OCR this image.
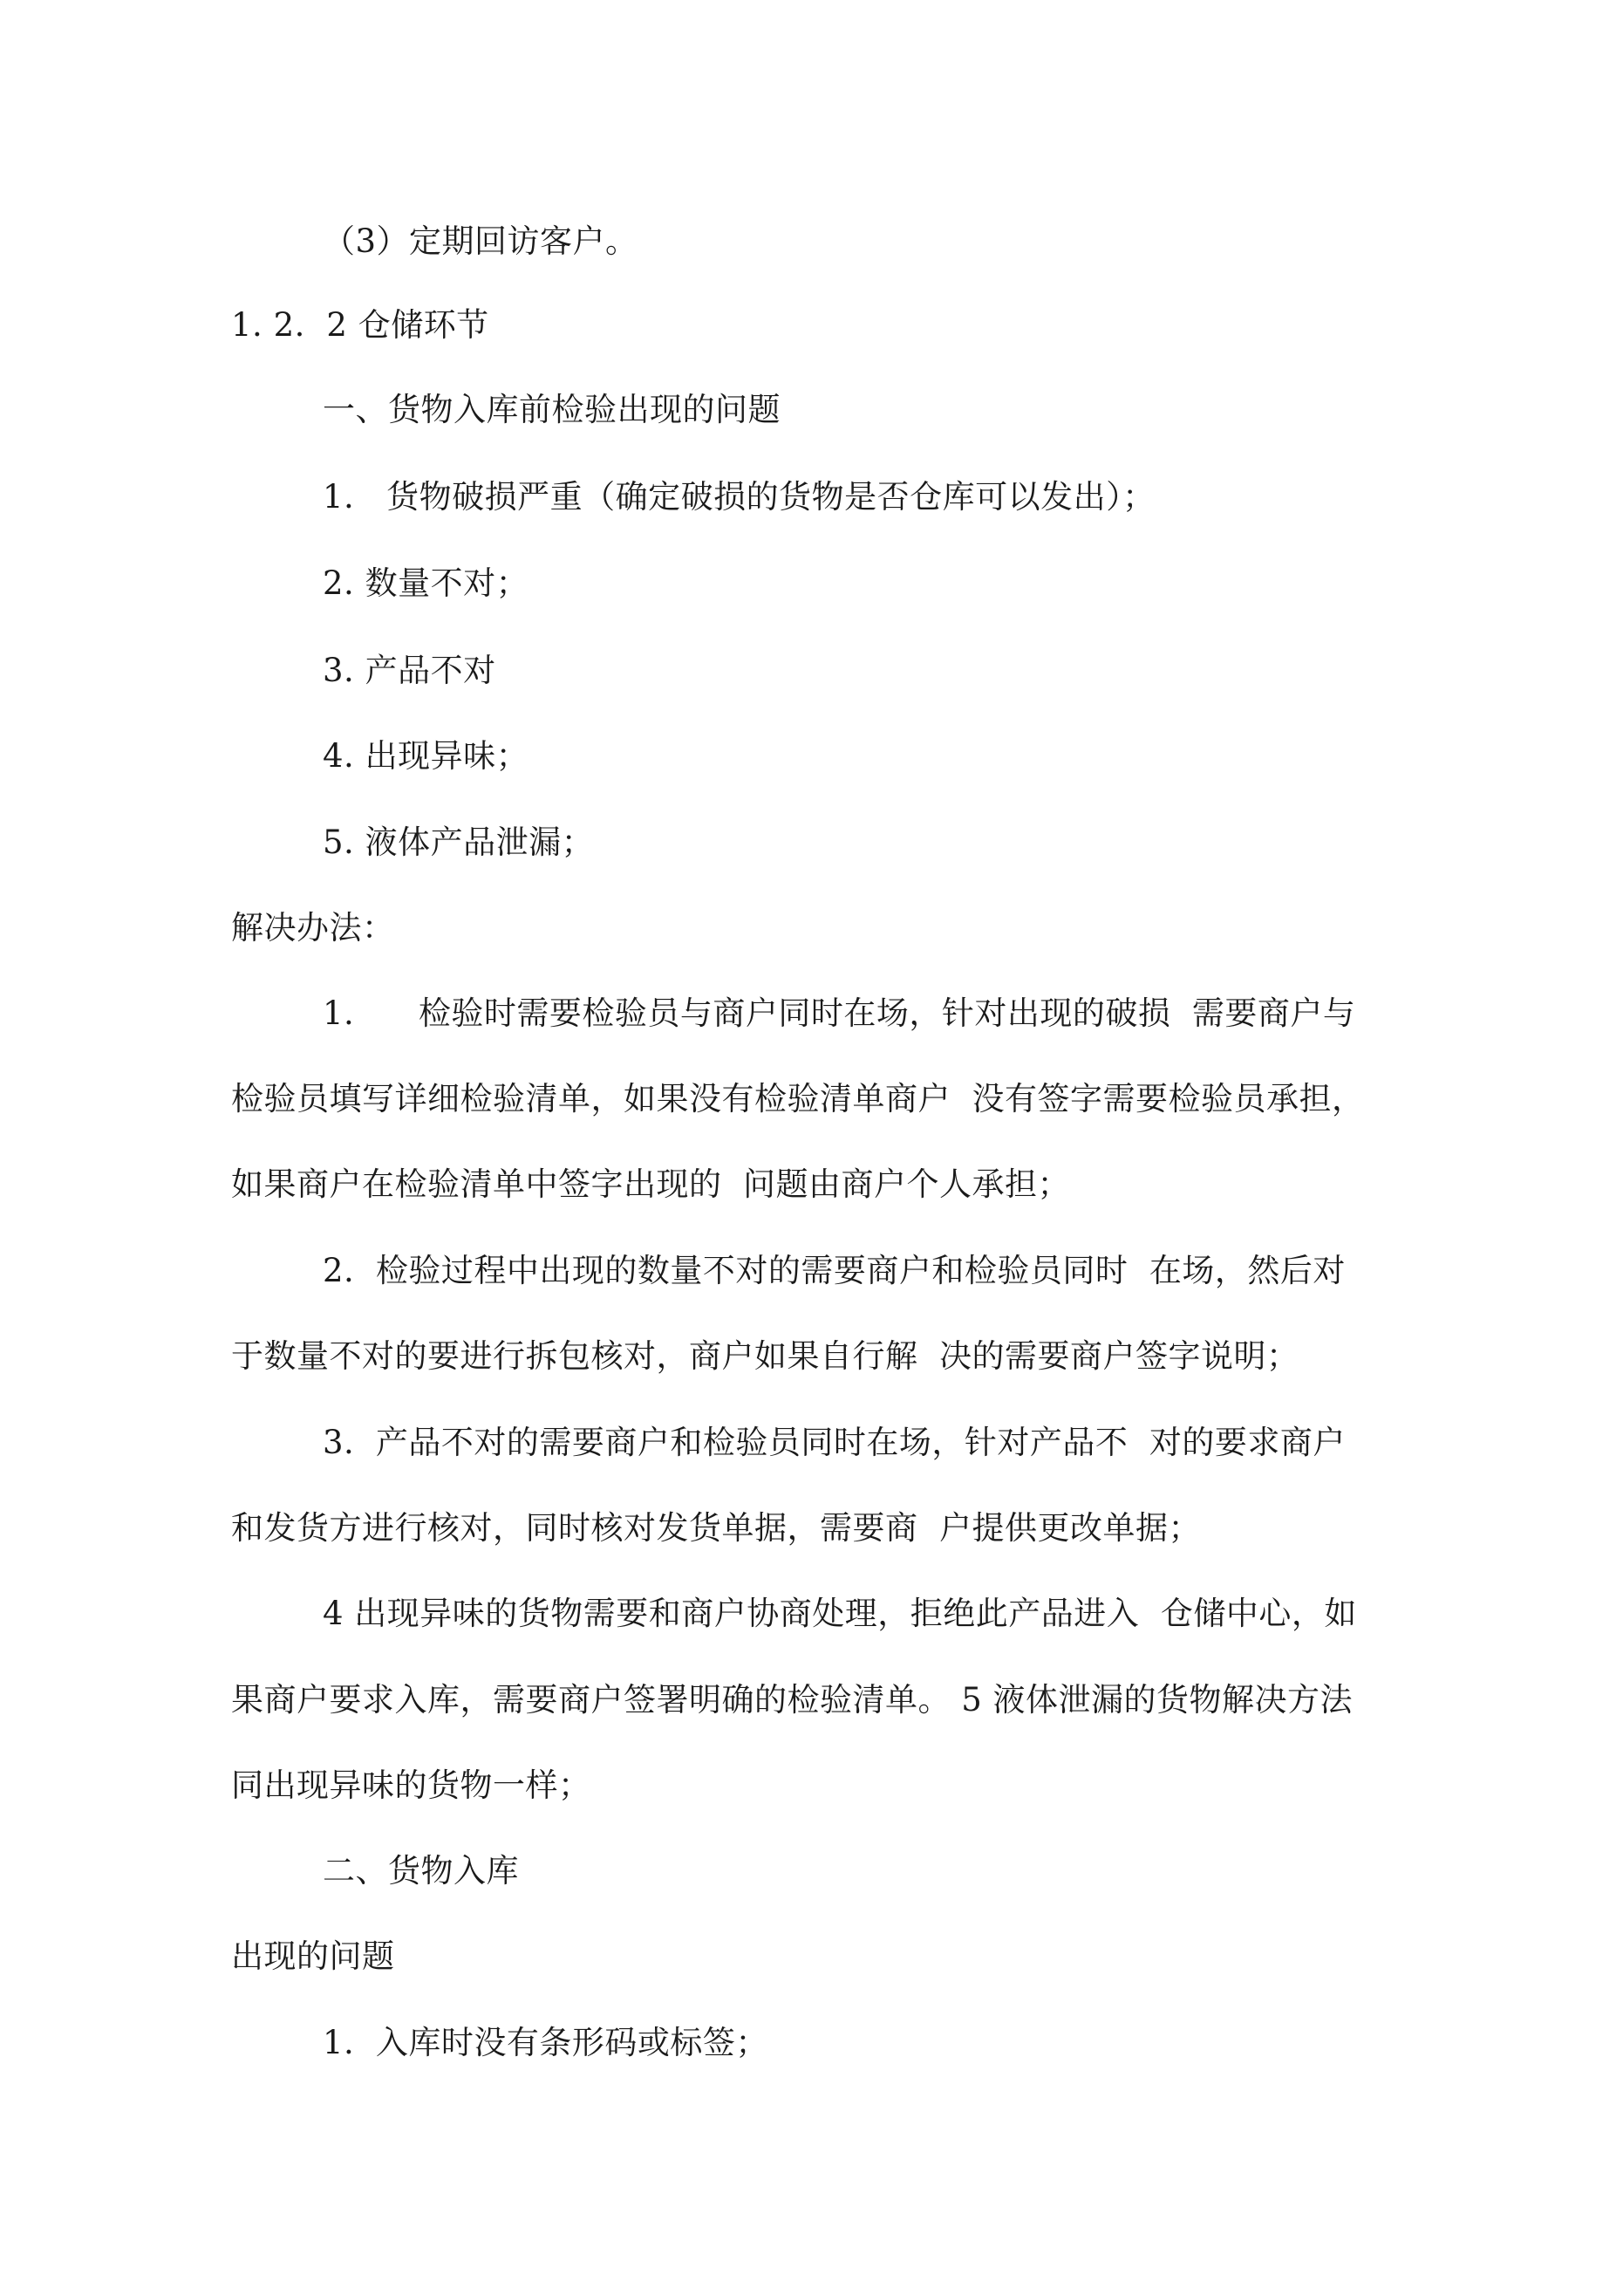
（3）定期回访客户。

1. 2.  2 仓储环节

一、货物入库前检验出现的问题

1.   货物破损严重（确定破损的货物是否仓库可以发出）；

2. 数量不对；

3. 产品不对

4. 出现异味；

5. 液体产品泄漏；

解决办法：

1.      检验时需要检验员与商户同时在场，针对出现的破损  需要商户与

检验员填写详细检验清单，如果没有检验清单商户  没有签字需要检验员承担，

如果商户在检验清单中签字出现的  问题由商户个人承担；

2.  检验过程中出现的数量不对的需要商户和检验员同时  在场，然后对

于数量不对的要进行拆包核对，商户如果自行解  决的需要商户签字说明；

3.  产品不对的需要商户和检验员同时在场，针对产品不  对的要求商户

和发货方进行核对，同时核对发货单据，需要商  户提供更改单据；

4 出现异味的货物需要和商户协商处理，拒绝此产品进入  仓储中心，如

果商户要求入库，需要商户签署明确的检验清单。 5 液体泄漏的货物解决方法

同出现异味的货物一样；

二、货物入库

出现的问题

1.  入库时没有条形码或标签；
